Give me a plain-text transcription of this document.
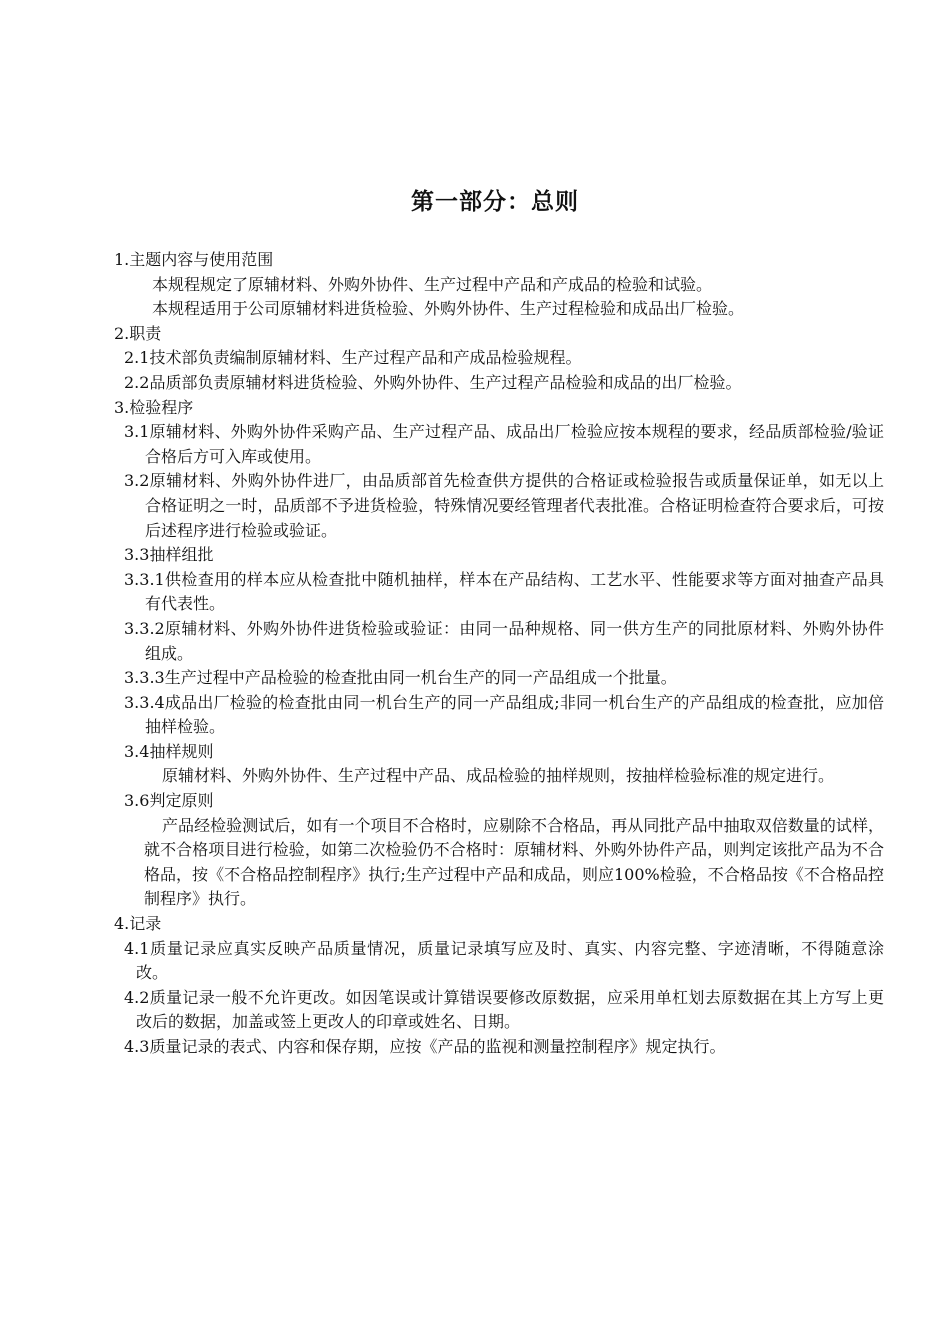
第一部分：总则

1.主题内容与使用范围

本规程规定了原辅材料、外购外协件、生产过程中产品和产成品的检验和试验。

本规程适用于公司原辅材料进货检验、外购外协件、生产过程检验和成品出厂检验。

2.职责

2.1技术部负责编制原辅材料、生产过程产品和产成品检验规程。

2.2品质部负责原辅材料进货检验、外购外协件、生产过程产品检验和成品的出厂检验。

3.检验程序

3.1原辅材料、外购外协件采购产品、生产过程产品、成品出厂检验应按本规程的要求，经品质部检验/验证合格后方可入库或使用。

3.2原辅材料、外购外协件进厂，由品质部首先检查供方提供的合格证或检验报告或质量保证单，如无以上合格证明之一时，品质部不予进货检验，特殊情况要经管理者代表批准。合格证明检查符合要求后，可按后述程序进行检验或验证。

3.3抽样组批

3.3.1供检查用的样本应从检查批中随机抽样，样本在产品结构、工艺水平、性能要求等方面对抽查产品具有代表性。

3.3.2原辅材料、外购外协件进货检验或验证：由同一品种规格、同一供方生产的同批原材料、外购外协件组成。

3.3.3生产过程中产品检验的检查批由同一机台生产的同一产品组成一个批量。

3.3.4成品出厂检验的检查批由同一机台生产的同一产品组成;非同一机台生产的产品组成的检查批，应加倍抽样检验。

3.4抽样规则

原辅材料、外购外协件、生产过程中产品、成品检验的抽样规则，按抽样检验标准的规定进行。

3.6判定原则

产品经检验测试后，如有一个项目不合格时，应剔除不合格品，再从同批产品中抽取双倍数量的试样，就不合格项目进行检验，如第二次检验仍不合格时：原辅材料、外购外协件产品，则判定该批产品为不合格品，按《不合格品控制程序》执行;生产过程中产品和成品，则应100%检验，不合格品按《不合格品控制程序》执行。

4.记录

4.1质量记录应真实反映产品质量情况，质量记录填写应及时、真实、内容完整、字迹清晰，不得随意涂改。

4.2质量记录一般不允许更改。如因笔误或计算错误要修改原数据，应采用单杠划去原数据在其上方写上更改后的数据，加盖或签上更改人的印章或姓名、日期。

4.3质量记录的表式、内容和保存期，应按《产品的监视和测量控制程序》规定执行。
